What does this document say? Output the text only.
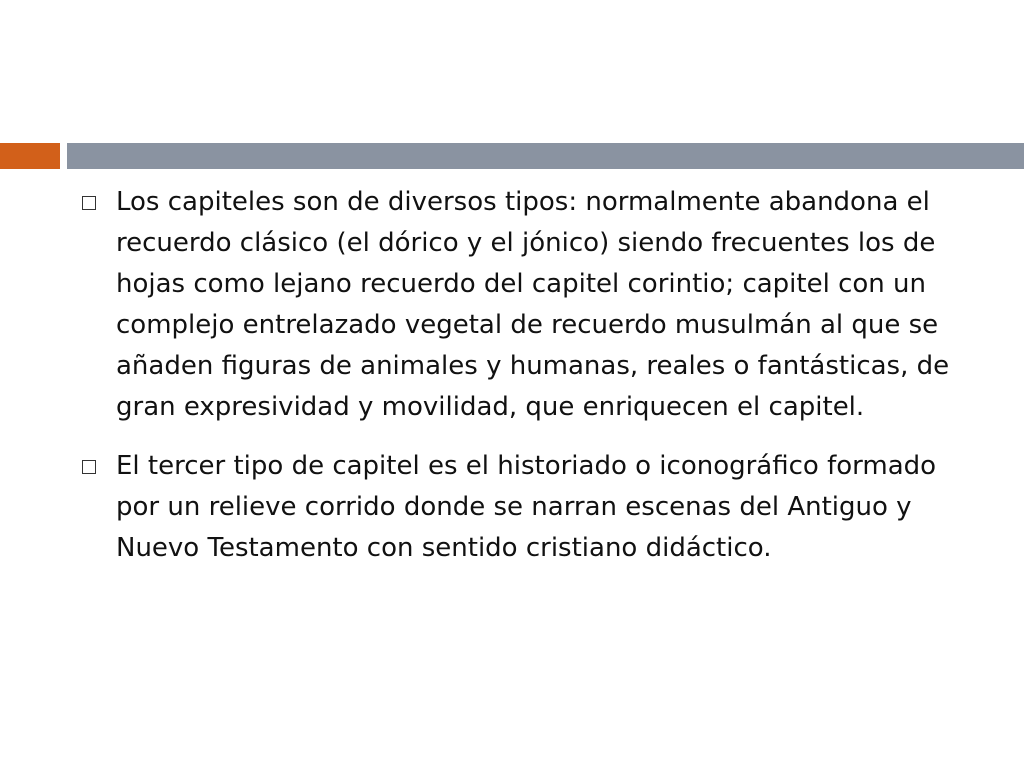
Los capiteles son de diversos tipos: normalmente abandona el recuerdo clásico (el dórico y el jónico) siendo frecuentes los de hojas como lejano recuerdo del capitel corintio; capitel con un complejo entrelazado vegetal de recuerdo musulmán al que se añaden figuras de animales y humanas, reales o fantásticas, de gran expresividad y movilidad, que enriquecen el capitel.
El tercer tipo de capitel es el historiado o iconográfico formado por un relieve corrido donde se narran escenas del Antiguo y Nuevo Testamento con sentido cristiano didáctico.
